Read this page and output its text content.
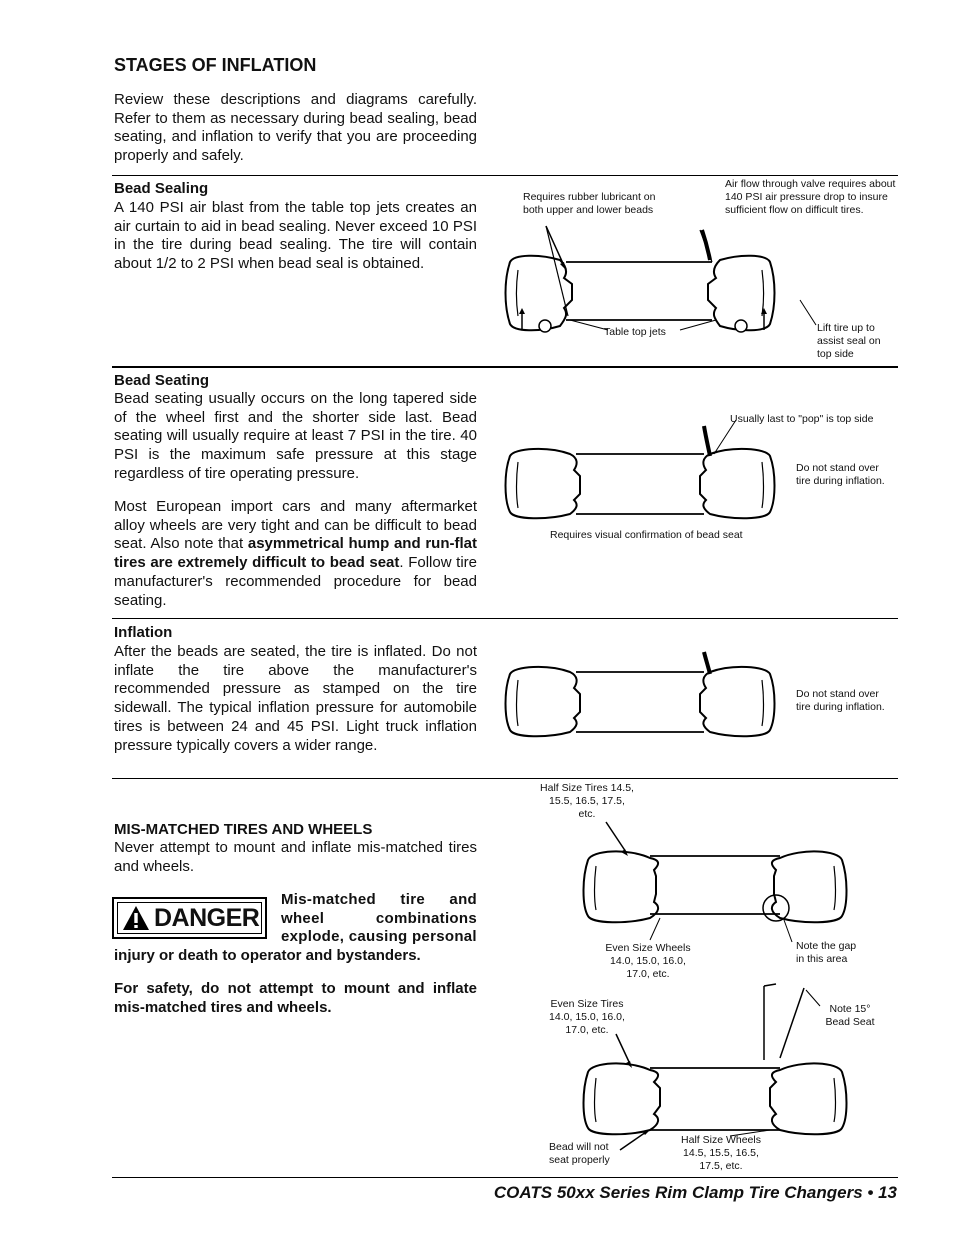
STAGES OF INFLATION
Review these descriptions and diagrams carefully. Refer to them as necessary during bead sealing, bead seating, and inflation to verify that you are proceeding properly and safely.
Bead Sealing
A 140 PSI air blast from the table top jets creates an air curtain to aid in bead sealing. Never exceed 10 PSI in the tire during bead sealing. The tire will contain about 1/2 to 2 PSI when bead seal is obtained.
Requires rubber lubricant on both upper and lower beads
Air flow through valve requires about 140 PSI air pressure drop to insure sufficient flow on difficult tires.
Table top jets	Lift tire up to assist seal on top side
Bead Seating
Bead seating usually occurs on the long tapered side of the wheel first and the shorter side last. Bead seating will usually require at least 7 PSI in the tire. 40 PSI is the maximum safe pressure at this stage regardless of tire operating pressure.
Most European import cars and many aftermarket alloy wheels are very tight and can be difficult to bead seat. Also note that asymmetrical hump and run-flat tires are extremely difficult to bead seat. Follow tire manufacturer's recommended procedure for bead seating.
Usually last to "pop" is top side
Do not stand over tire during inflation.
Requires visual confirmation of bead seat
Inflation
After the beads are seated, the tire is inflated. Do not inflate the tire above the manufacturer's recommended pressure as stamped on the tire sidewall. The typical inflation pressure for automobile tires is between 24 and 45 PSI. Light truck inflation pressure typically covers a wider range.
Do not stand over tire during inflation.
MIS-MATCHED TIRES AND WHEELS
Never attempt to mount and inflate mis-matched tires and wheels.
DANGER
Mis-matched tire and wheel combinations explode, causing personal
injury or death to operator and bystanders.
For safety, do not attempt to mount and inflate mis-matched tires and wheels.
Half Size Tires 14.5, 15.5, 16.5, 17.5, etc.
Even Size Wheels 14.0, 15.0, 16.0, 17.0, etc.
Note the gap in this area
Even Size Tires 14.0, 15.0, 16.0, 17.0, etc.
Note 15° Bead Seat
Bead will not seat properly
Half Size Wheels 14.5, 15.5, 16.5, 17.5, etc.
COATS 50xx Series Rim Clamp Tire Changers • 13
